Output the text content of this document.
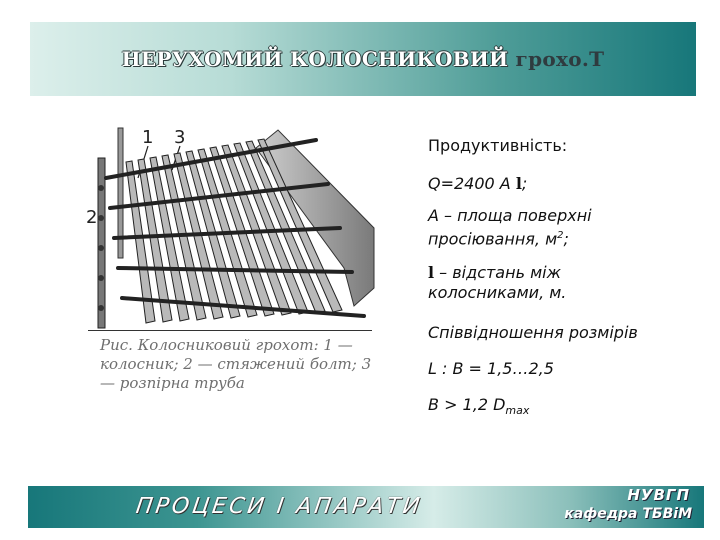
НЕРУХОМИЙ КОЛОСНИКОВИЙ грохо.Т
1 3
2
Рис. Колосниковий грохот: 1 — колосник; 2 — стяжений болт; 3 — розпірна труба

Продуктивність:

Q=2400 A l;

А – площа поверхні просіювання, $м^2$;

l – відстань між колосниками, м.

Співвідношення розмірів

L : B = 1,5…2,5

B > 1,2 $D_{max}$

ПРОЦЕСИ І АПАРАТИ	НУВГП
кафедра ТБВіМ
